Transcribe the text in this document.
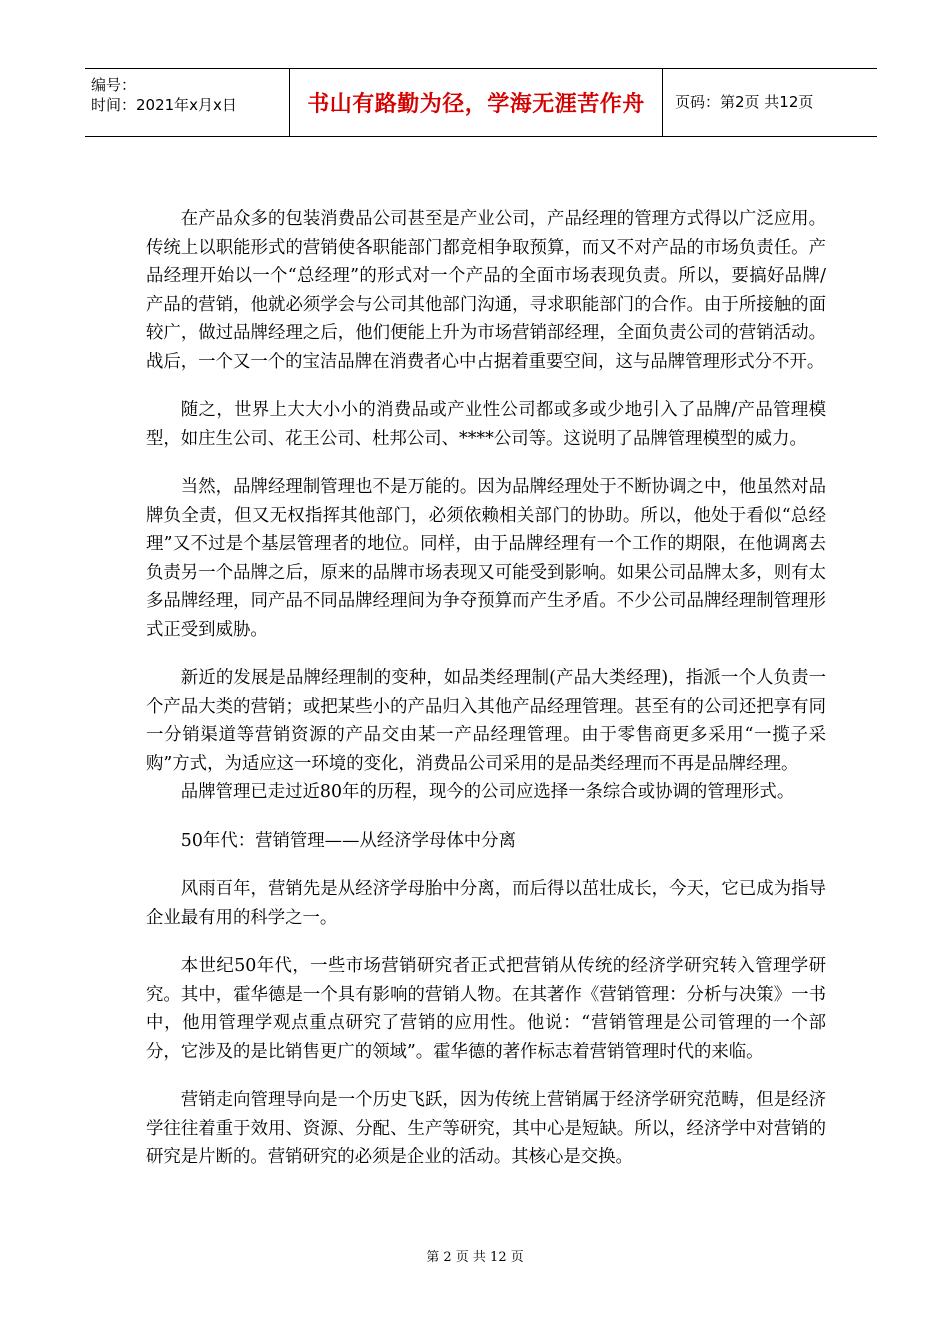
编号：
时间：2021年x月x日	书山有路勤为径，学海无涯苦作舟	页码：第2页 共12页

在产品众多的包装消费品公司甚至是产业公司，产品经理的管理方式得以广泛应用。传统上以职能形式的营销使各职能部门都竞相争取预算，而又不对产品的市场负责任。产品经理开始以一个“总经理”的形式对一个产品的全面市场表现负责。所以，要搞好品牌/产品的营销，他就必须学会与公司其他部门沟通，寻求职能部门的合作。由于所接触的面较广，做过品牌经理之后，他们便能上升为市场营销部经理，全面负责公司的营销活动。战后，一个又一个的宝洁品牌在消费者心中占据着重要空间，这与品牌管理形式分不开。

随之，世界上大大小小的消费品或产业性公司都或多或少地引入了品牌/产品管理模型，如庄生公司、花王公司、杜邦公司、****公司等。这说明了品牌管理模型的威力。

当然，品牌经理制管理也不是万能的。因为品牌经理处于不断协调之中，他虽然对品牌负全责，但又无权指挥其他部门，必须依赖相关部门的协助。所以，他处于看似“总经理”又不过是个基层管理者的地位。同样，由于品牌经理有一个工作的期限，在他调离去负责另一个品牌之后，原来的品牌市场表现又可能受到影响。如果公司品牌太多，则有太多品牌经理，同产品不同品牌经理间为争夺预算而产生矛盾。不少公司品牌经理制管理形式正受到威胁。

新近的发展是品牌经理制的变种，如品类经理制(产品大类经理)，指派一个人负责一个产品大类的营销；或把某些小的产品归入其他产品经理管理。甚至有的公司还把享有同一分销渠道等营销资源的产品交由某一产品经理管理。由于零售商更多采用“一揽子采购”方式，为适应这一环境的变化，消费品公司采用的是品类经理而不再是品牌经理。

品牌管理已走过近80年的历程，现今的公司应选择一条综合或协调的管理形式。

50年代：营销管理——从经济学母体中分离

风雨百年，营销先是从经济学母胎中分离，而后得以茁壮成长，今天，它已成为指导企业最有用的科学之一。

本世纪50年代，一些市场营销研究者正式把营销从传统的经济学研究转入管理学研究。其中，霍华德是一个具有影响的营销人物。在其著作《营销管理：分析与决策》一书中，他用管理学观点重点研究了营销的应用性。他说：“营销管理是公司管理的一个部分，它涉及的是比销售更广的领域”。霍华德的著作标志着营销管理时代的来临。

营销走向管理导向是一个历史飞跃，因为传统上营销属于经济学研究范畴，但是经济学往往着重于效用、资源、分配、生产等研究，其中心是短缺。所以，经济学中对营销的研究是片断的。营销研究的必须是企业的活动。其核心是交换。

第 2 页 共 12 页
